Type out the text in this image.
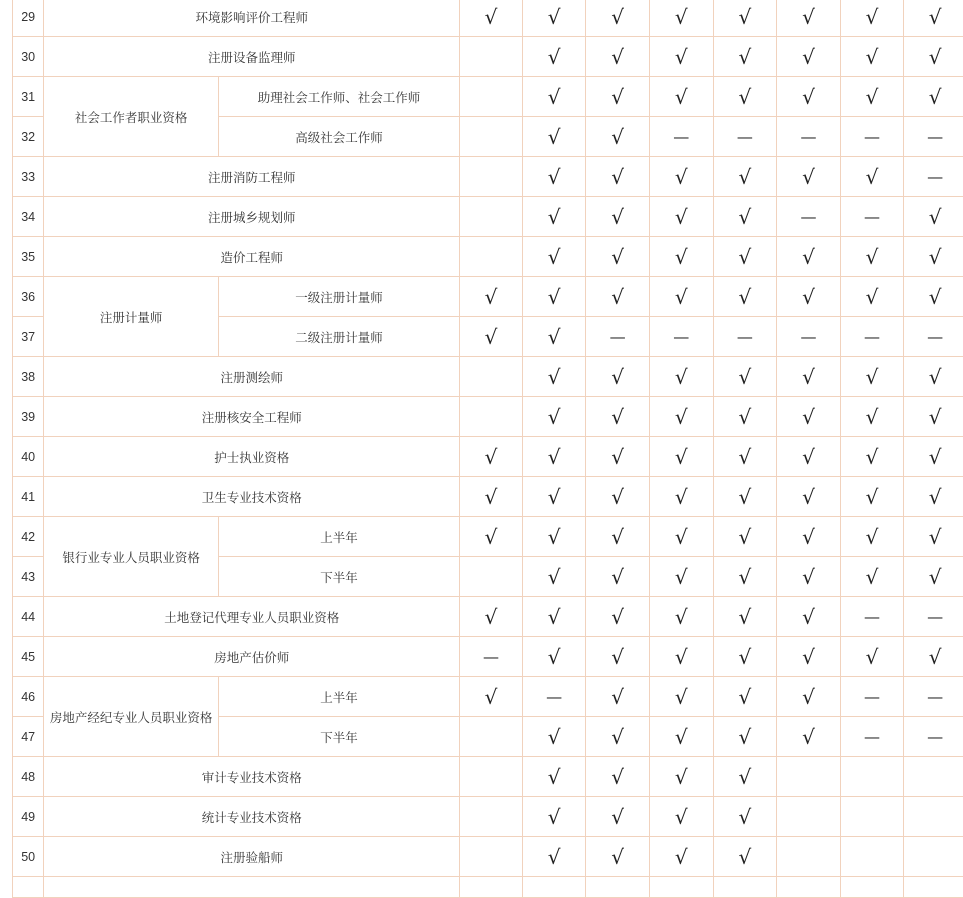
29	环境影响评价工程师		√	√	√	√	√	√	√	√
30	注册设备监理师			√	√	√	√	√	√	√
31	社会工作者职业资格	助理社会工作师、社会工作师		√	√	√	√	√	√	√
32		高级社会工作师		√	√	—	—	—	—	—
33	注册消防工程师			√	√	√	√	√	√	—
34	注册城乡规划师			√	√	√	√	—	—	√
35	造价工程师			√	√	√	√	√	√	√
36	注册计量师	一级注册计量师	√	√	√	√	√	√	√	√
37		二级注册计量师	√	√	—	—	—	—	—	—
38	注册测绘师			√	√	√	√	√	√	√
39	注册核安全工程师			√	√	√	√	√	√	√
40	护士执业资格		√	√	√	√	√	√	√	√
41	卫生专业技术资格		√	√	√	√	√	√	√	√
42	银行业专业人员职业资格	上半年	√	√	√	√	√	√	√	√
43		下半年		√	√	√	√	√	√	√
44	土地登记代理专业人员职业资格		√	√	√	√	√	√	—	—
45	房地产估价师		—	√	√	√	√	√	√	√
46	房地产经纪专业人员职业资格	上半年	√	—	√	√	√	√	—	—
47		下半年		√	√	√	√	√	—	—
48	审计专业技术资格			√	√	√	√			
49	统计专业技术资格			√	√	√	√			
50	注册验船师			√	√	√	√			
